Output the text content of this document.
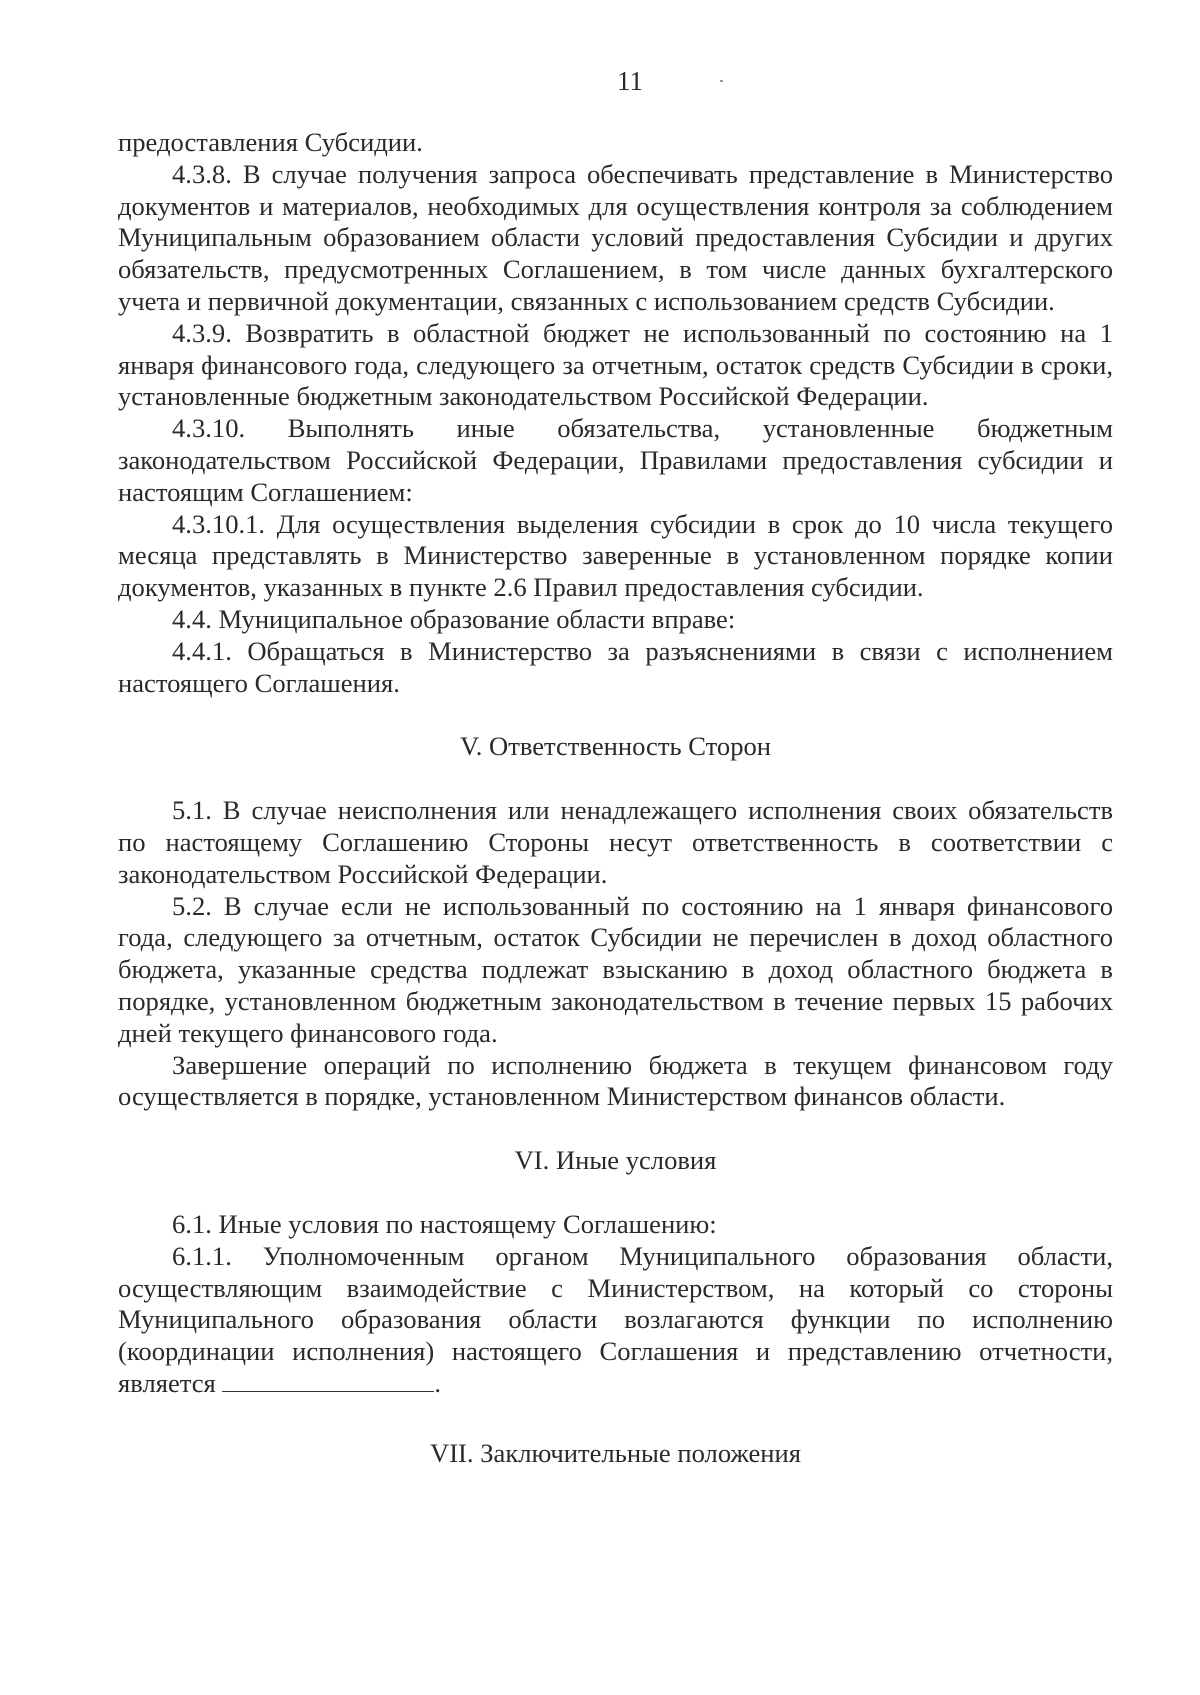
11

предоставления Субсидии.

4.3.8. В случае получения запроса обеспечивать представление в Министерство документов и материалов, необходимых для осуществления контроля за соблюдением Муниципальным образованием области условий предоставления Субсидии и других обязательств, предусмотренных Соглашением, в том числе данных бухгалтерского учета и первичной документации, связанных с использованием средств Субсидии.

4.3.9. Возвратить в областной бюджет не использованный по состоянию на 1 января финансового года, следующего за отчетным, остаток средств Субсидии в сроки, установленные бюджетным законодательством Российской Федерации.

4.3.10. Выполнять иные обязательства, установленные бюджетным законодательством Российской Федерации, Правилами предоставления субсидии и настоящим Соглашением:

4.3.10.1. Для осуществления выделения субсидии в срок до 10 числа текущего месяца представлять в Министерство заверенные в установленном порядке копии документов, указанных в пункте 2.6 Правил предоставления субсидии.

4.4. Муниципальное образование области вправе:

4.4.1. Обращаться в Министерство за разъяснениями в связи с исполнением настоящего Соглашения.

V. Ответственность Сторон

5.1. В случае неисполнения или ненадлежащего исполнения своих обязательств по настоящему Соглашению Стороны несут ответственность в соответствии с законодательством Российской Федерации.

5.2. В случае если не использованный по состоянию на 1 января финансового года, следующего за отчетным, остаток Субсидии не перечислен в доход областного бюджета, указанные средства подлежат взысканию в доход областного бюджета в порядке, установленном бюджетным законодательством в течение первых 15 рабочих дней текущего финансового года.

Завершение операций по исполнению бюджета в текущем финансовом году осуществляется в порядке, установленном Министерством финансов области.

VI. Иные условия

6.1. Иные условия по настоящему Соглашению:

6.1.1. Уполномоченным органом Муниципального образования области, осуществляющим взаимодействие с Министерством, на который со стороны Муниципального образования области возлагаются функции по исполнению (координации исполнения) настоящего Соглашения и представлению отчетности, является	.

VII. Заключительные положения
